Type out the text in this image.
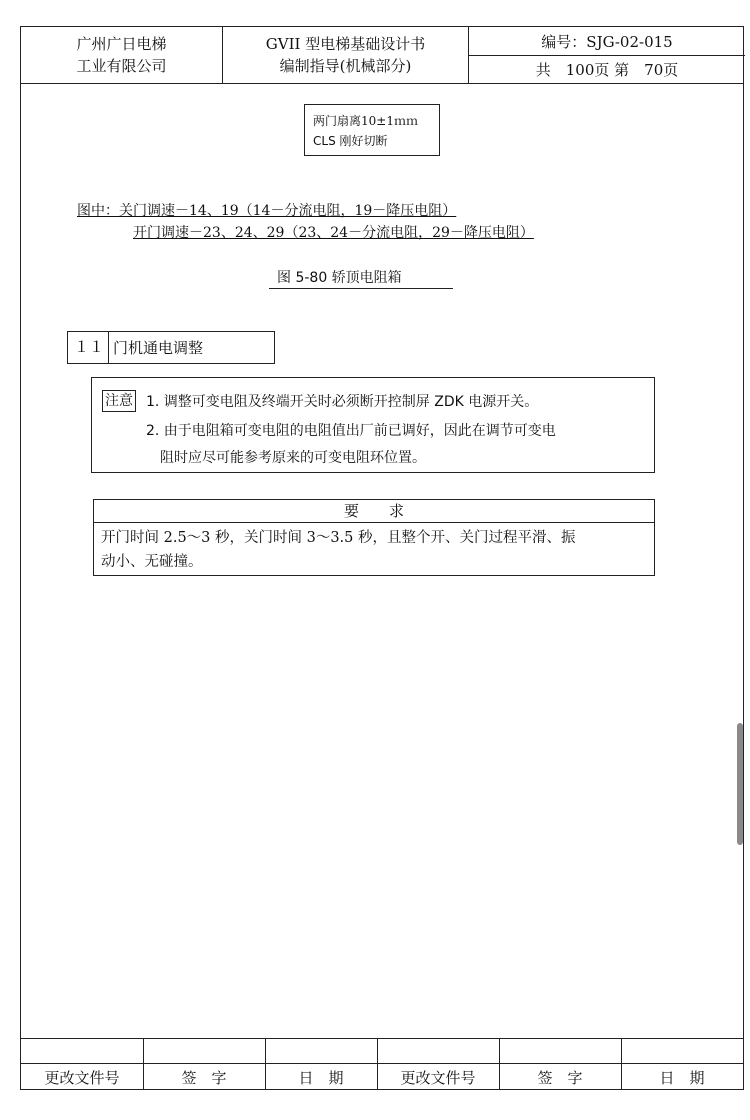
广州广日电梯
工业有限公司
GVII 型电梯基础设计书
编制指导(机械部分)
编号：SJG-02-015
共　100页 第　70页
两门扇离10±1ｍｍ
CLS 刚好切断
图中：关门调速－14、19（14－分流电阻，19－降压电阻）
开门调速－23、24、29（23、24－分流电阻，29－降压电阻）
图 5-80 轿顶电阻箱
１１ 门机通电调整
注意 1. 调整可变电阻及终端开关时必须断开控制屏 ZDK 电源开关。
2. 由于电阻箱可变电阻的电阻值出厂前已调好，因此在调节可变电
阻时应尽可能参考原来的可变电阻环位置。
要　　求
开门时间 2.5～3 秒，关门时间 3～3.5 秒，且整个开、关门过程平滑、振
动小、无碰撞。
更改文件号	签　字	日　期	更改文件号	签　字	日　期
